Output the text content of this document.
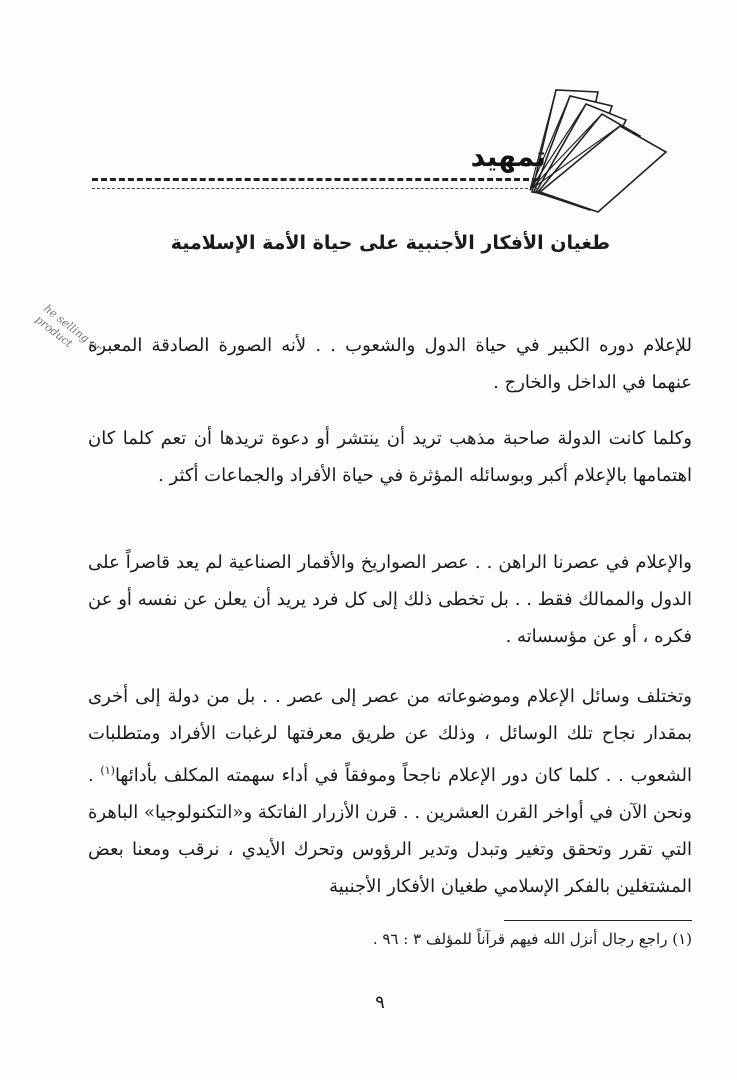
تمهيد
طغيان الأفكار الأجنبية على حياة الأمة الإسلامية
he selling or product للإعلام دوره الكبير في حياة الدول والشعوب . . لأنه الصورة الصادقة المعبرة عنهما في الداخل والخارج .

وكلما كانت الدولة صاحبة مذهب تريد أن ينتشر أو دعوة تريدها أن تعم كلما كان اهتمامها بالإعلام أكبر وبوسائله المؤثرة في حياة الأفراد والجماعات أكثر .

والإعلام في عصرنا الراهن . . عصر الصواريخ والأقمار الصناعية لم يعد قاصراً على الدول والممالك فقط . . بل تخطى ذلك إلى كل فرد يريد أن يعلن عن نفسه أو عن فكره ، أو عن مؤسساته .

وتختلف وسائل الإعلام وموضوعاته من عصر إلى عصر . . بل من دولة إلى أخرى بمقدار نجاح تلك الوسائل ، وذلك عن طريق معرفتها لرغبات الأفراد ومتطلبات الشعوب . . كلما كان دور الإعلام ناجحاً وموفقاً في أداء سهمته المكلف بأدائها$^{(١)}$ . ونحن الآن في أواخر القرن العشرين . . قرن الأزرار الفاتكة و«التكنولوجيا» الباهرة التي تقرر وتحقق وتغير وتبدل وتدير الرؤوس وتحرك الأيدي ، نرقب ومعنا بعض المشتغلين بالفكر الإسلامي طغيان الأفكار الأجنبية

(١) راجع رجال أنزل الله فيهم قرآناً للمؤلف ٣ : ٩٦ .
٩
